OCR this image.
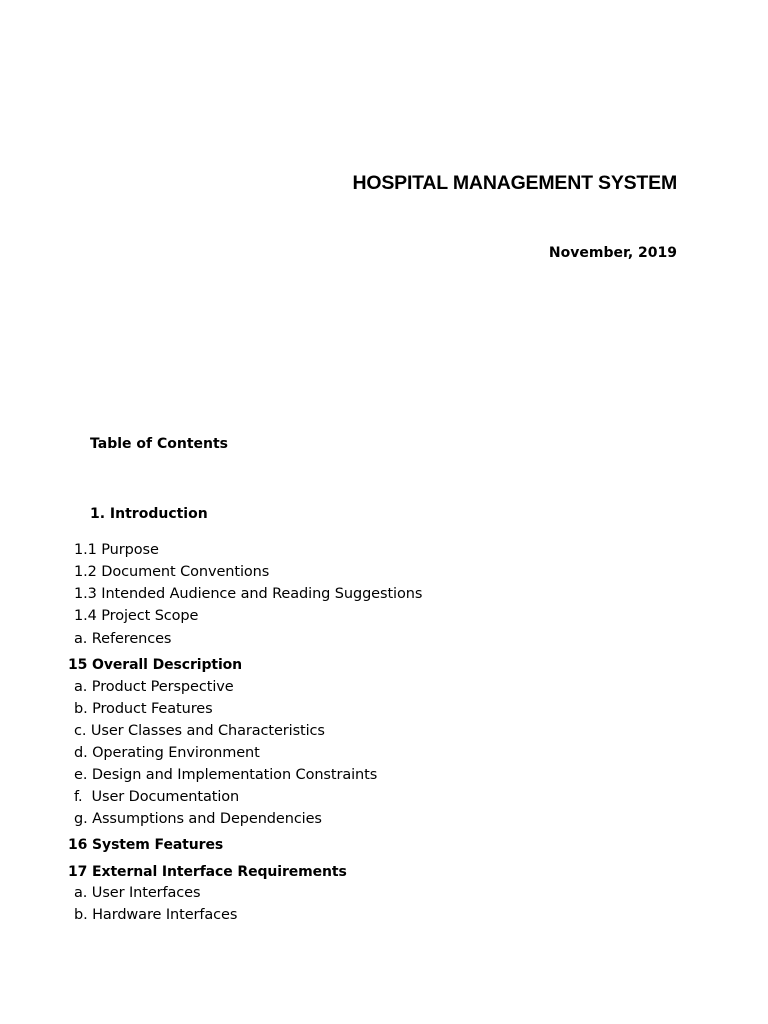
HOSPITAL MANAGEMENT SYSTEM
November, 2019
Table of Contents
1. Introduction
1.1 Purpose
1.2 Document Conventions
1.3 Intended Audience and Reading Suggestions
1.4 Project Scope
a. References
15 Overall Description
a. Product Perspective
b. Product Features
c. User Classes and Characteristics
d. Operating Environment
e. Design and Implementation Constraints
f.  User Documentation
g. Assumptions and Dependencies
16 System Features
17 External Interface Requirements
a. User Interfaces
b. Hardware Interfaces
